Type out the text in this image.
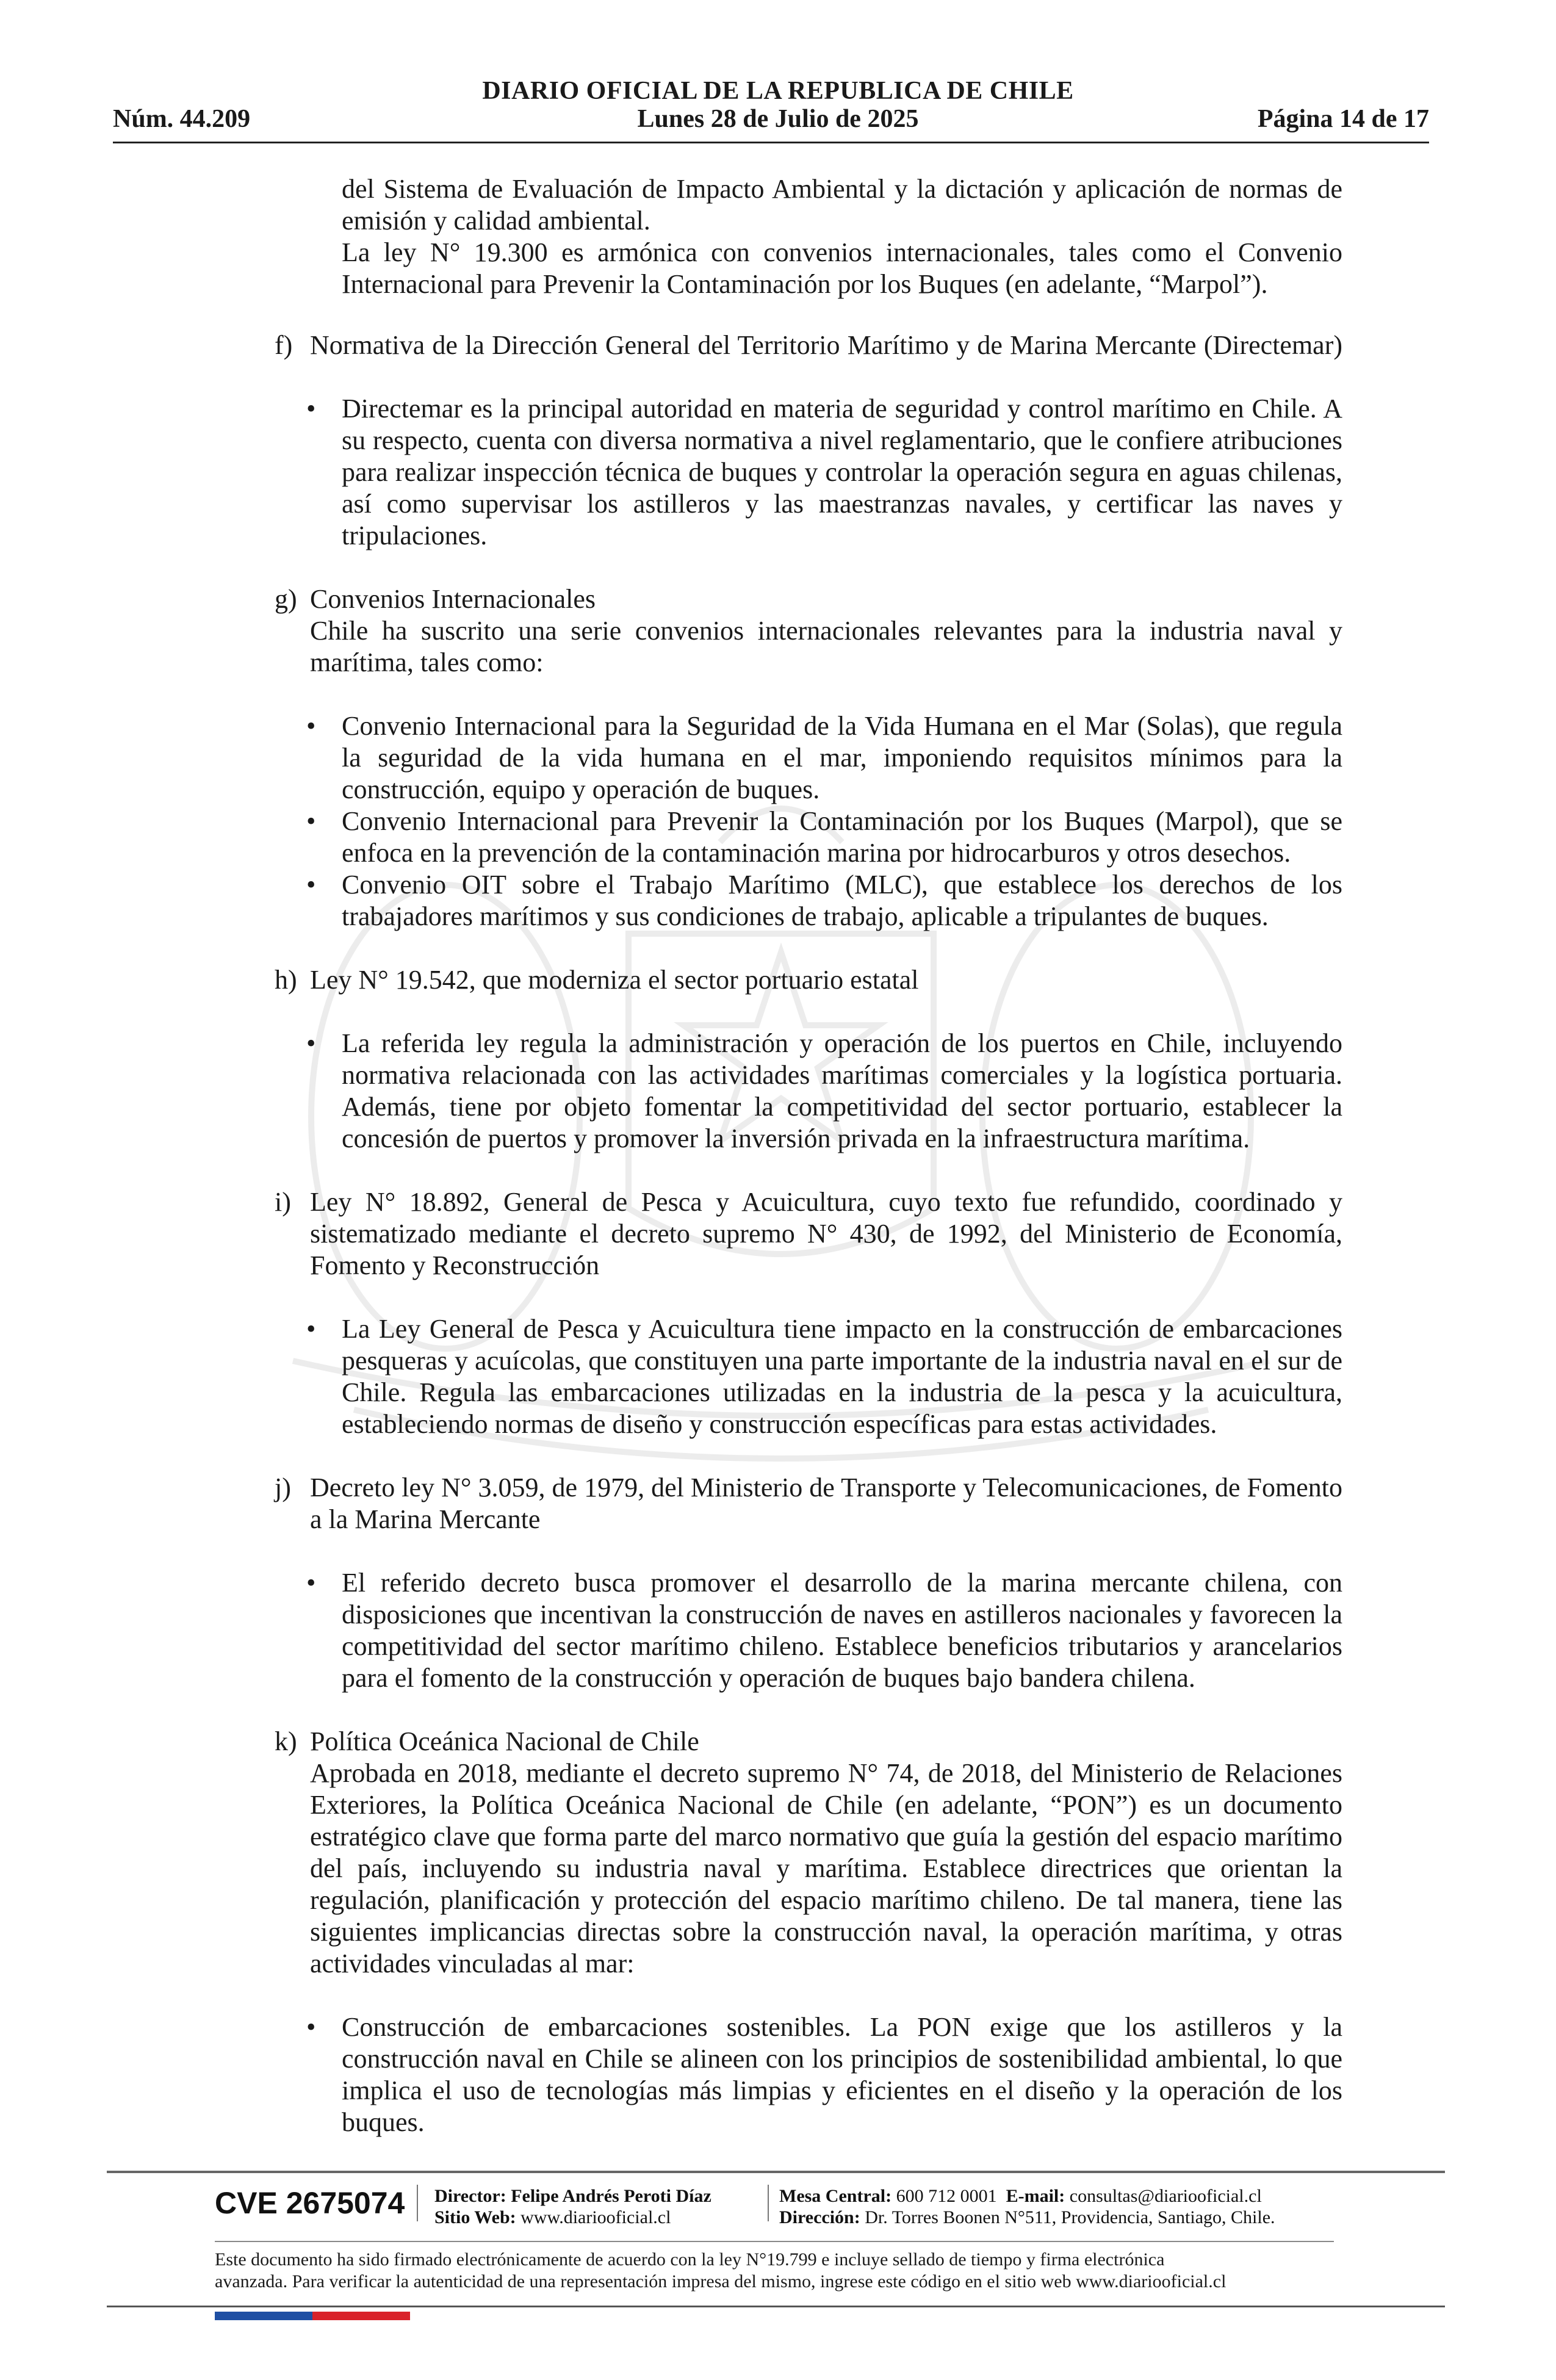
DIARIO OFICIAL DE LA REPUBLICA DE CHILE
Núm. 44.209	Lunes 28 de Julio de 2025	Página 14 de 17
del Sistema de Evaluación de Impacto Ambiental y la dictación y aplicación de normas de emisión y calidad ambiental.
La ley N° 19.300 es armónica con convenios internacionales, tales como el Convenio Internacional para Prevenir la Contaminación por los Buques (en adelante, “Marpol”).
f) Normativa de la Dirección General del Territorio Marítimo y de Marina Mercante (Directemar)
• Directemar es la principal autoridad en materia de seguridad y control marítimo en Chile. A su respecto, cuenta con diversa normativa a nivel reglamentario, que le confiere atribuciones para realizar inspección técnica de buques y controlar la operación segura en aguas chilenas, así como supervisar los astilleros y las maestranzas navales, y certificar las naves y tripulaciones.
g) Convenios Internacionales
Chile ha suscrito una serie convenios internacionales relevantes para la industria naval y marítima, tales como:
• Convenio Internacional para la Seguridad de la Vida Humana en el Mar (Solas), que regula la seguridad de la vida humana en el mar, imponiendo requisitos mínimos para la construcción, equipo y operación de buques.
• Convenio Internacional para Prevenir la Contaminación por los Buques (Marpol), que se enfoca en la prevención de la contaminación marina por hidrocarburos y otros desechos.
• Convenio OIT sobre el Trabajo Marítimo (MLC), que establece los derechos de los trabajadores marítimos y sus condiciones de trabajo, aplicable a tripulantes de buques.
h) Ley N° 19.542, que moderniza el sector portuario estatal
• La referida ley regula la administración y operación de los puertos en Chile, incluyendo normativa relacionada con las actividades marítimas comerciales y la logística portuaria. Además, tiene por objeto fomentar la competitividad del sector portuario, establecer la concesión de puertos y promover la inversión privada en la infraestructura marítima.
i) Ley N° 18.892, General de Pesca y Acuicultura, cuyo texto fue refundido, coordinado y sistematizado mediante el decreto supremo N° 430, de 1992, del Ministerio de Economía, Fomento y Reconstrucción
• La Ley General de Pesca y Acuicultura tiene impacto en la construcción de embarcaciones pesqueras y acuícolas, que constituyen una parte importante de la industria naval en el sur de Chile. Regula las embarcaciones utilizadas en la industria de la pesca y la acuicultura, estableciendo normas de diseño y construcción específicas para estas actividades.
j) Decreto ley N° 3.059, de 1979, del Ministerio de Transporte y Telecomunicaciones, de Fomento a la Marina Mercante
• El referido decreto busca promover el desarrollo de la marina mercante chilena, con disposiciones que incentivan la construcción de naves en astilleros nacionales y favorecen la competitividad del sector marítimo chileno. Establece beneficios tributarios y arancelarios para el fomento de la construcción y operación de buques bajo bandera chilena.
k) Política Oceánica Nacional de Chile
Aprobada en 2018, mediante el decreto supremo N° 74, de 2018, del Ministerio de Relaciones Exteriores, la Política Oceánica Nacional de Chile (en adelante, “PON”) es un documento estratégico clave que forma parte del marco normativo que guía la gestión del espacio marítimo del país, incluyendo su industria naval y marítima. Establece directrices que orientan la regulación, planificación y protección del espacio marítimo chileno. De tal manera, tiene las siguientes implicancias directas sobre la construcción naval, la operación marítima, y otras actividades vinculadas al mar:
• Construcción de embarcaciones sostenibles. La PON exige que los astilleros y la construcción naval en Chile se alineen con los principios de sostenibilidad ambiental, lo que implica el uso de tecnologías más limpias y eficientes en el diseño y la operación de los buques.
CVE 2675074 Director: Felipe Andrés Peroti Díaz
Sitio Web: www.diariooficial.cl
Mesa Central: 600 712 0001 E-mail: consultas@diariooficial.cl
Dirección: Dr. Torres Boonen N°511, Providencia, Santiago, Chile.
Este documento ha sido firmado electrónicamente de acuerdo con la ley N°19.799 e incluye sellado de tiempo y firma electrónica
avanzada. Para verificar la autenticidad de una representación impresa del mismo, ingrese este código en el sitio web www.diariooficial.cl
